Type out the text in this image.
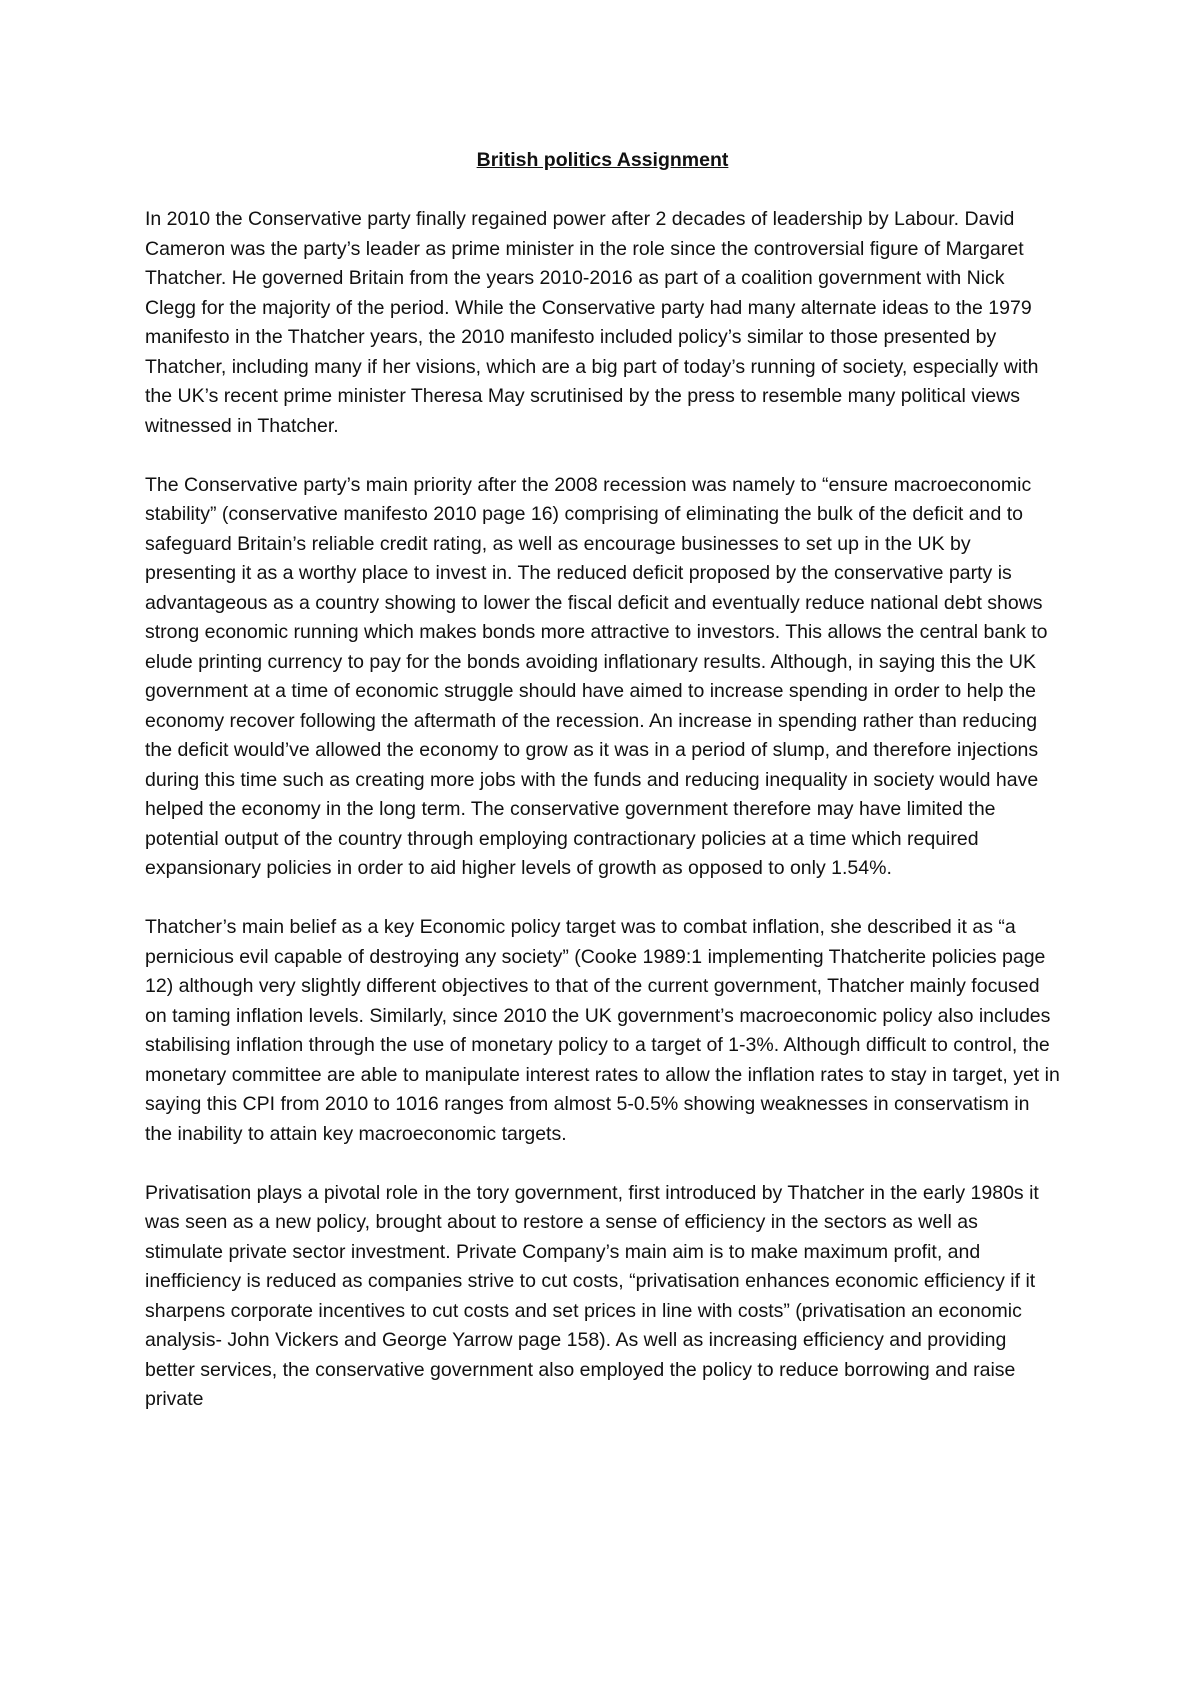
British politics Assignment

In 2010 the Conservative party finally regained power after 2 decades of leadership by Labour. David Cameron was the party’s leader as prime minister in the role since the controversial figure of Margaret Thatcher. He governed Britain from the years 2010-2016 as part of a coalition government with Nick Clegg for the majority of the period. While the Conservative party had many alternate ideas to the 1979 manifesto in the Thatcher years, the 2010 manifesto included policy’s similar to those presented by Thatcher, including many if her visions, which are a big part of today’s running of society, especially with the UK’s recent prime minister Theresa May scrutinised by the press to resemble many political views witnessed in Thatcher.

The Conservative party’s main priority after the 2008 recession was namely to “ensure macroeconomic stability” (conservative manifesto 2010 page 16) comprising of eliminating the bulk of the deficit and to safeguard Britain’s reliable credit rating, as well as encourage businesses to set up in the UK by presenting it as a worthy place to invest in. The reduced deficit proposed by the conservative party is advantageous as a country showing to lower the fiscal deficit and eventually reduce national debt shows strong economic running which makes bonds more attractive to investors. This allows the central bank to elude printing currency to pay for the bonds avoiding inflationary results. Although, in saying this the UK government at a time of economic struggle should have aimed to increase spending in order to help the economy recover following the aftermath of the recession. An increase in spending rather than reducing the deficit would’ve allowed the economy to grow as it was in a period of slump, and therefore injections during this time such as creating more jobs with the funds and reducing inequality in society would have helped the economy in the long term. The conservative government therefore may have limited the potential output of the country through employing contractionary policies at a time which required expansionary policies in order to aid higher levels of growth as opposed to only 1.54%.

Thatcher’s main belief as a key Economic policy target was to combat inflation, she described it as “a pernicious evil capable of destroying any society” (Cooke 1989:1 implementing Thatcherite policies page 12) although very slightly different objectives to that of the current government, Thatcher mainly focused on taming inflation levels. Similarly, since 2010 the UK government’s macroeconomic policy also includes stabilising inflation through the use of monetary policy to a target of 1-3%. Although difficult to control, the monetary committee are able to manipulate interest rates to allow the inflation rates to stay in target, yet in saying this CPI from 2010 to 1016 ranges from almost 5-0.5% showing weaknesses in conservatism in the inability to attain key macroeconomic targets.

Privatisation plays a pivotal role in the tory government, first introduced by Thatcher in the early 1980s it was seen as a new policy, brought about to restore a sense of efficiency in the sectors as well as stimulate private sector investment. Private Company’s main aim is to make maximum profit, and inefficiency is reduced as companies strive to cut costs, “privatisation enhances economic efficiency if it sharpens corporate incentives to cut costs and set prices in line with costs” (privatisation an economic analysis- John Vickers and George Yarrow page 158). As well as increasing efficiency and providing better services, the conservative government also employed the policy to reduce borrowing and raise private
